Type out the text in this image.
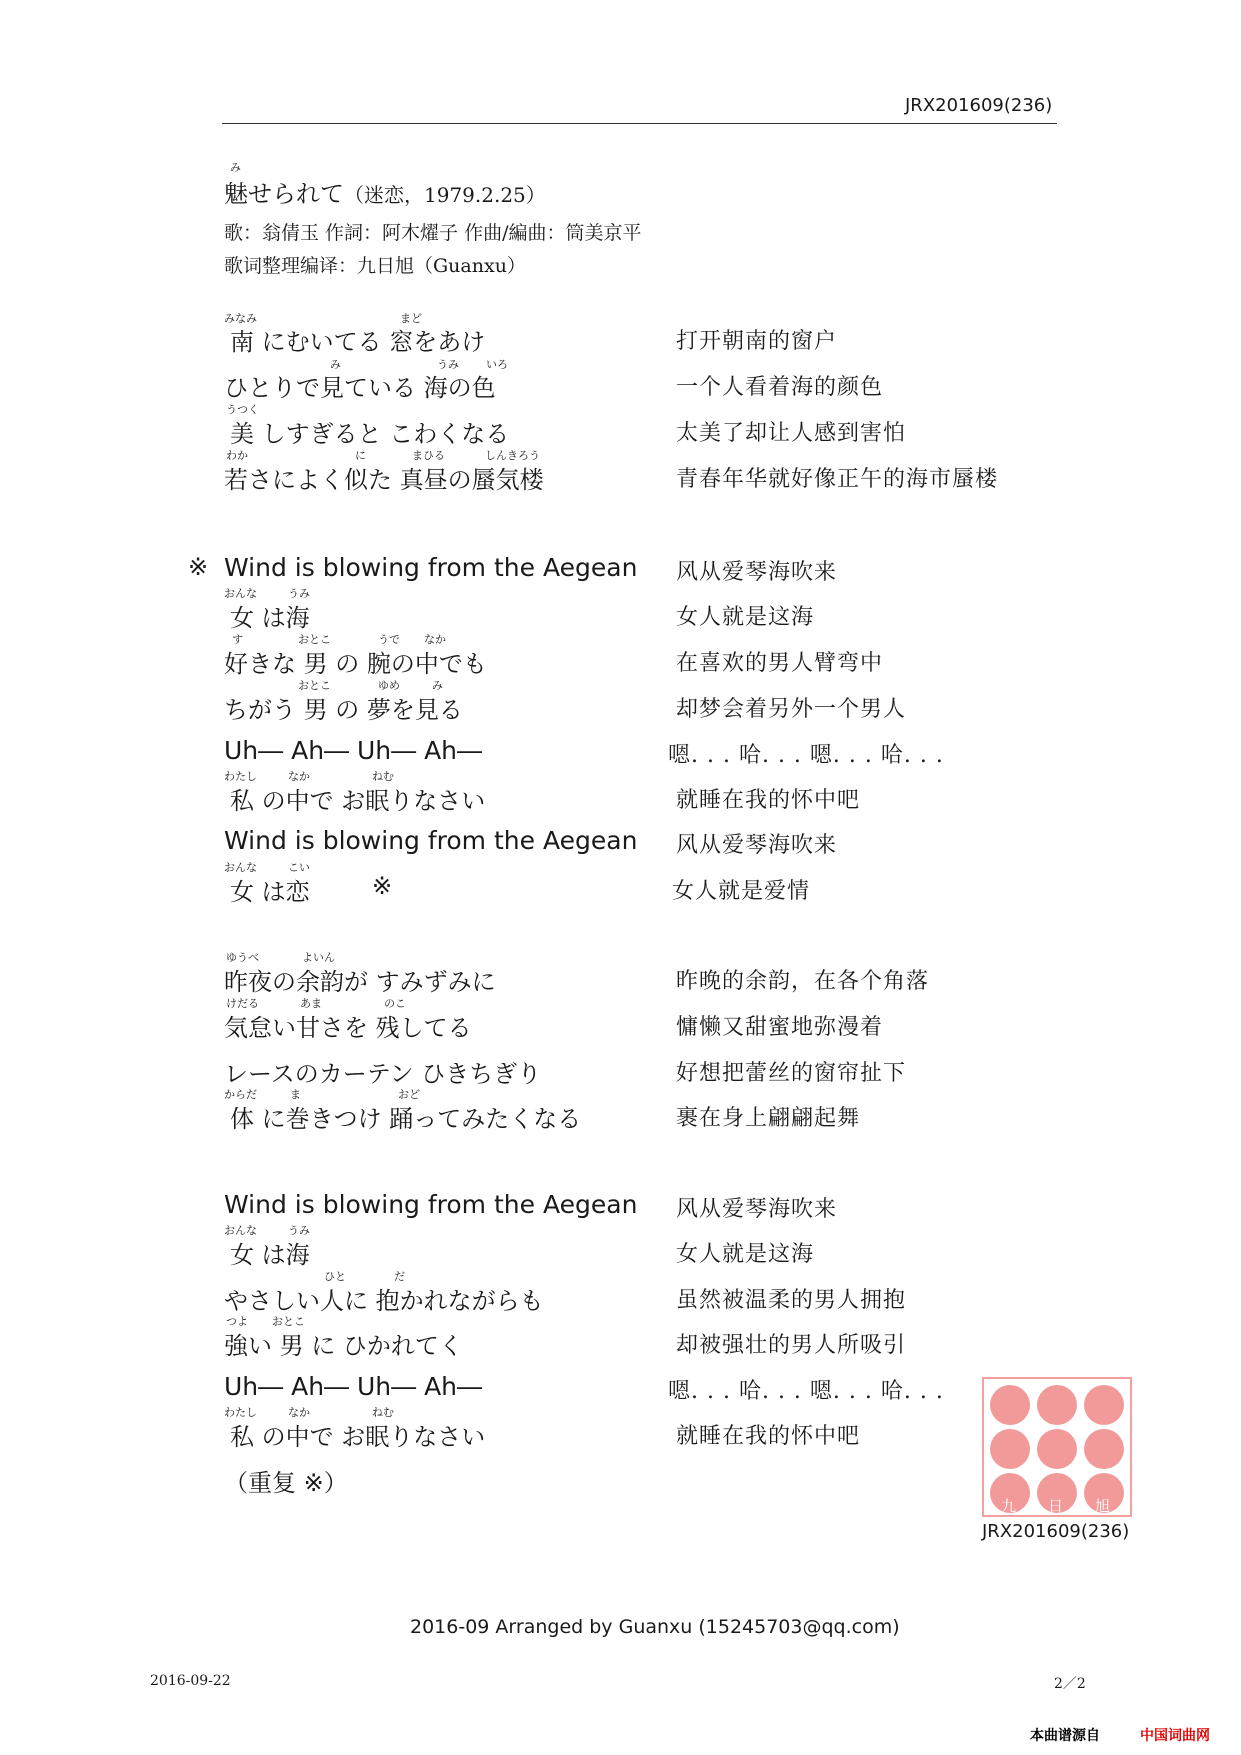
JRX201609(236)
み
魅せられて（迷恋，1979.2.25）
歌：翁倩玉 作詞：阿木燿子 作曲/編曲：筒美京平
歌词整理编译：九日旭（Guanxu）
みなみ	まど
南 にむいてる 窓をあけ	打开朝南的窗户
み	うみ いろ
ひとりで見ている 海の色	一个人看着海的颜色
うつく
美 しすぎると こわくなる	太美了却让人感到害怕
わか	に	まひる	しんきろう
若さによく似た 真昼の蜃気楼	青春年华就好像正午的海市蜃楼
※ Wind is blowing from the Aegean 风从爱琴海吹来
おんな	うみ
女 は海	女人就是这海
す	おとこ	うで なか
好きな 男 の 腕の中でも	在喜欢的男人臂弯中
おとこ	ゆめ	み
ちがう 男 の 夢を見る	却梦会着另外一个男人
Uh― Ah― Uh― Ah―	嗯. . . 哈. . . 嗯. . . 哈. . .
わたし	なか	ねむ
私 の中で お眠りなさい	就睡在我的怀中吧
Wind is blowing from the Aegean 风从爱琴海吹来
おんな	こい
女 は恋	※	女人就是爱情
ゆうべ	よいん
昨夜の余韵が すみずみに	昨晚的余韵，在各个角落
けだる	あま	のこ
気怠い甘さを 残してる	慵懒又甜蜜地弥漫着
レースのカーテン ひきちぎり	好想把蕾丝的窗帘扯下
からだ	ま	おど
体 に巻きつけ 踊ってみたくなる	裹在身上翩翩起舞
Wind is blowing from the Aegean 风从爱琴海吹来
おんな	うみ
女 は海	女人就是这海
ひと	だ
やさしい人に 抱かれながらも	虽然被温柔的男人拥抱
つよ おとこ
強い 男 に ひかれてく	却被强壮的男人所吸引
Uh― Ah― Uh― Ah―	嗯. . . 哈. . . 嗯. . . 哈. . .
わたし	なか	ねむ
私 の中で お眠りなさい	就睡在我的怀中吧
（重复 ※）
九 日 旭
JRX201609(236)
2016-09 Arranged by Guanxu (15245703@qq.com)
2016-09-22	2／2
本曲谱源自	中国词曲网
